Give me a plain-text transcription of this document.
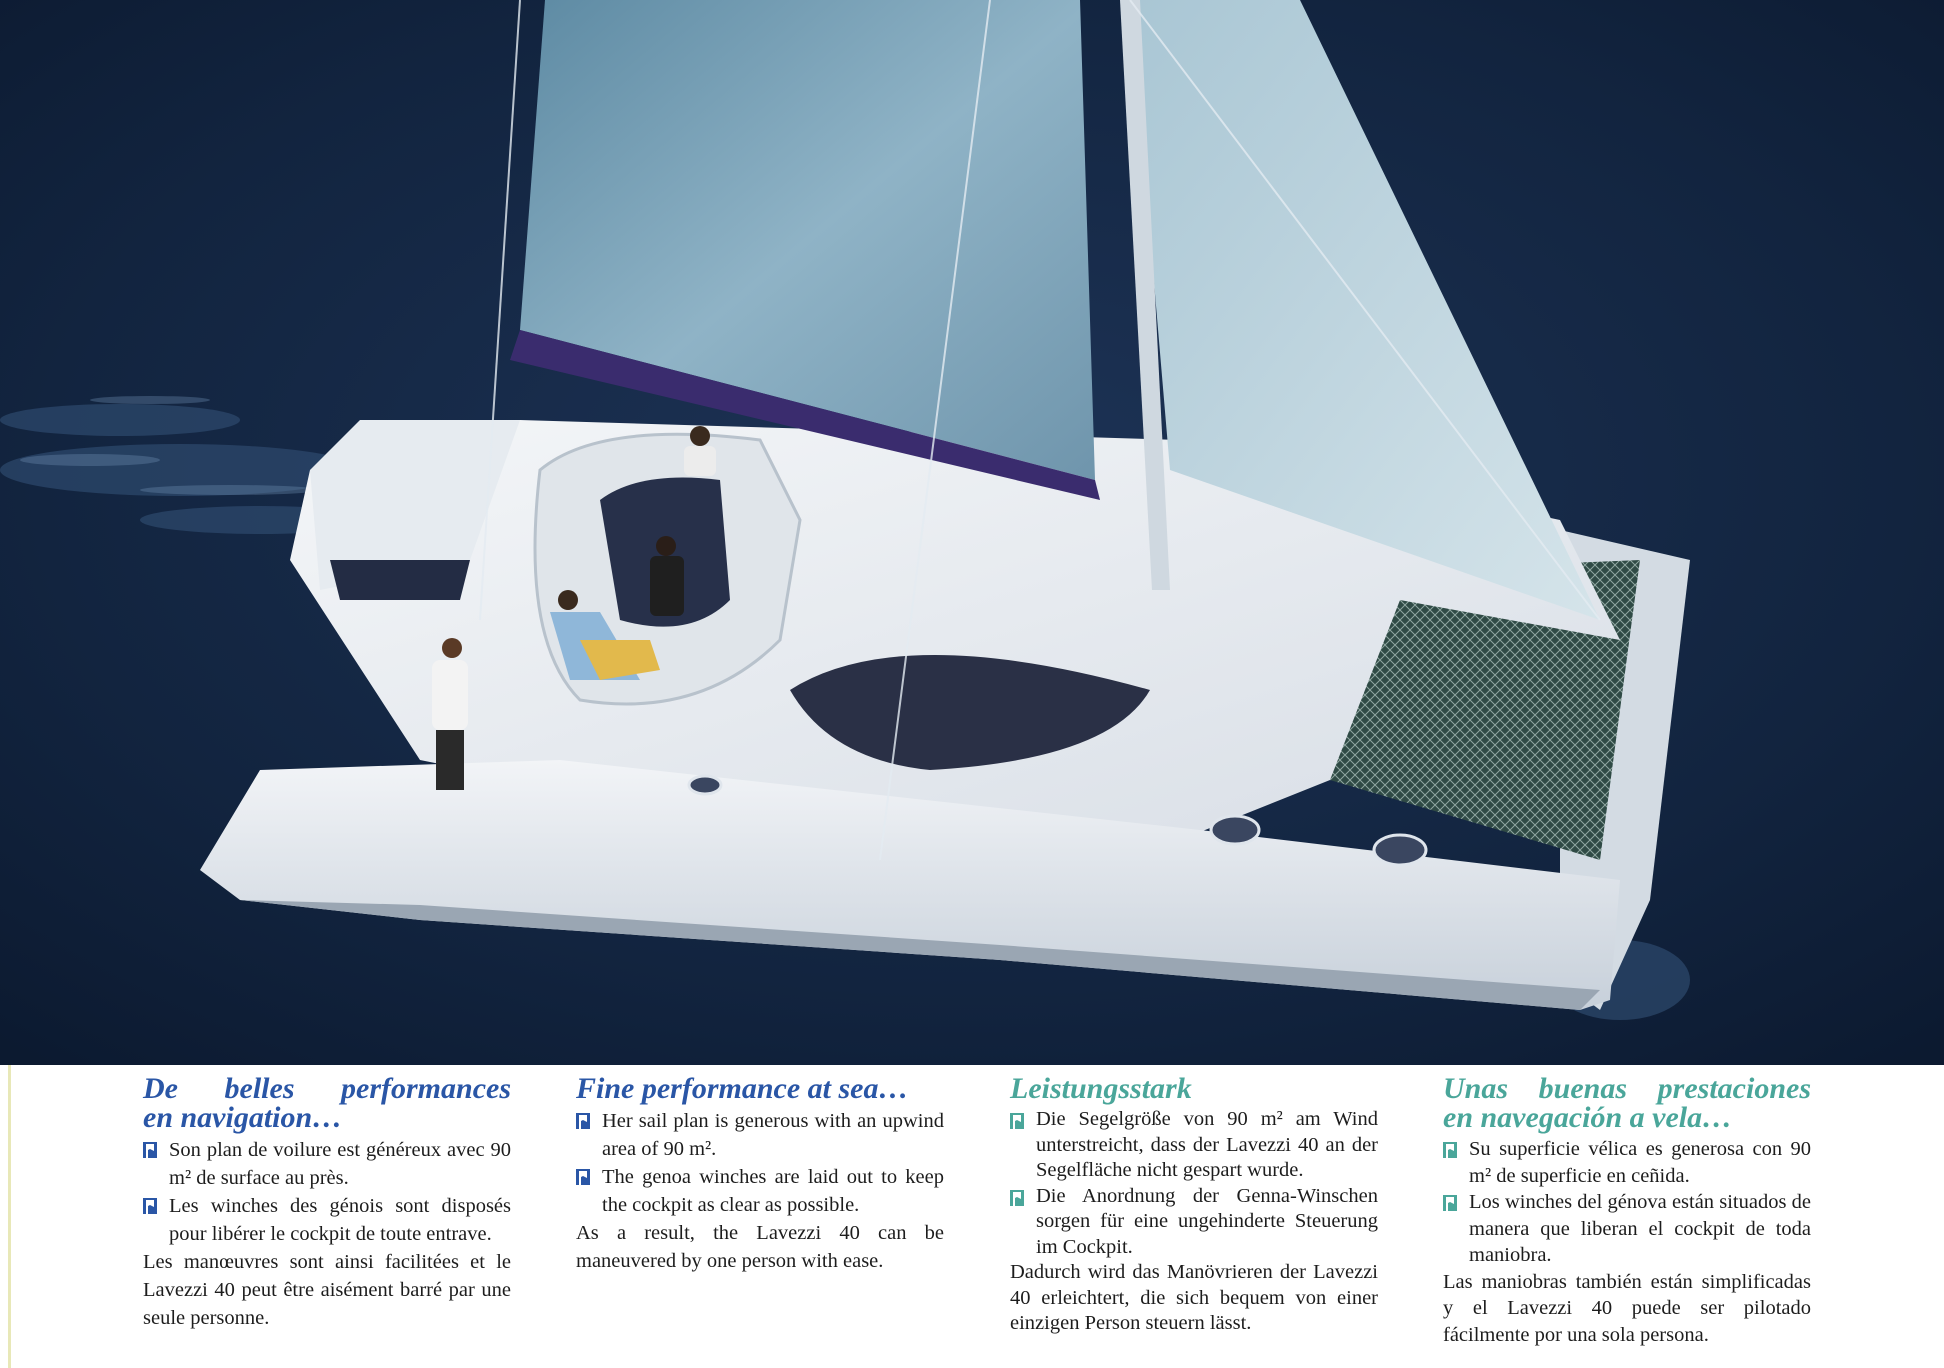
De belles performances
en navigation…
Son plan de voilure est généreux avec 90 m² de surface au près.
Les winches des génois sont disposés pour libérer le cockpit de toute entrave.

Les manœuvres sont ainsi facilitées et le Lavezzi 40 peut être aisément barré par une seule personne.

Fine performance at sea…
Her sail plan is generous with an upwind area of 90 m².
The genoa winches are laid out to keep the cockpit as clear as possible.

As a result, the Lavezzi 40 can be maneuvered by one person with ease.

Leistungsstark
Die Segelgröße von 90 m² am Wind unterstreicht, dass der Lavezzi 40 an der Segelfläche nicht gespart wurde.
Die Anordnung der Genna-Winschen sorgen für eine ungehinderte Steuerung im Cockpit.

Dadurch wird das Manövrieren der Lavezzi 40 erleichtert, die sich bequem von einer einzigen Person steuern lässt.

Unas buenas prestaciones
en navegación a vela…
Su superficie vélica es generosa con 90 m² de superficie en ceñida.
Los winches del génova están situados de manera que liberan el cockpit de toda maniobra.

Las maniobras también están simplificadas y el Lavezzi 40 puede ser pilotado fácilmente por una sola persona.
